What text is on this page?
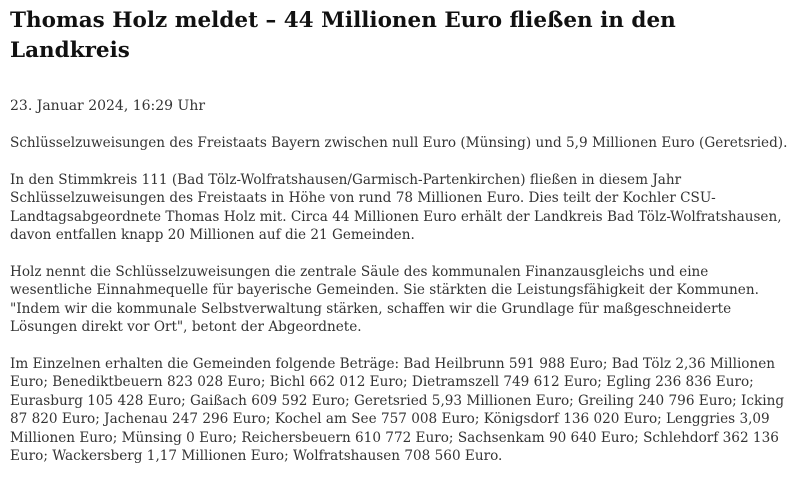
Thomas Holz meldet – 44 Millionen Euro fließen in den Landkreis
23. Januar 2024, 16:29 Uhr

Schlüsselzuweisungen des Freistaats Bayern zwischen null Euro (Münsing) und 5,9 Millionen Euro (Geretsried).

In den Stimmkreis 111 (Bad Tölz-Wolfratshausen/Garmisch-Partenkirchen) fließen in diesem Jahr Schlüsselzuweisungen des Freistaats in Höhe von rund 78 Millionen Euro. Dies teilt der Kochler CSU-Landtagsabgeordnete Thomas Holz mit. Circa 44 Millionen Euro erhält der Landkreis Bad Tölz-Wolfratshausen, davon entfallen knapp 20 Millionen auf die 21 Gemeinden.

Holz nennt die Schlüsselzuweisungen die zentrale Säule des kommunalen Finanzausgleichs und eine wesentliche Einnahmequelle für bayerische Gemeinden. Sie stärkten die Leistungsfähigkeit der Kommunen. "Indem wir die kommunale Selbstverwaltung stärken, schaffen wir die Grundlage für maßgeschneiderte Lösungen direkt vor Ort", betont der Abgeordnete.

Im Einzelnen erhalten die Gemeinden folgende Beträge: Bad Heilbrunn 591 988 Euro; Bad Tölz 2,36 Millionen Euro; Benediktbeuern 823 028 Euro; Bichl 662 012 Euro; Dietramszell 749 612 Euro; Egling 236 836 Euro; Eurasburg 105 428 Euro; Gaißach 609 592 Euro; Geretsried 5,93 Millionen Euro; Greiling 240 796 Euro; Icking 87 820 Euro; Jachenau 247 296 Euro; Kochel am See 757 008 Euro; Königsdorf 136 020 Euro; Lenggries 3,09 Millionen Euro; Münsing 0 Euro; Reichersbeuern 610 772 Euro; Sachsenkam 90 640 Euro; Schlehdorf 362 136 Euro; Wackersberg 1,17 Millionen Euro; Wolfratshausen 708 560 Euro.
